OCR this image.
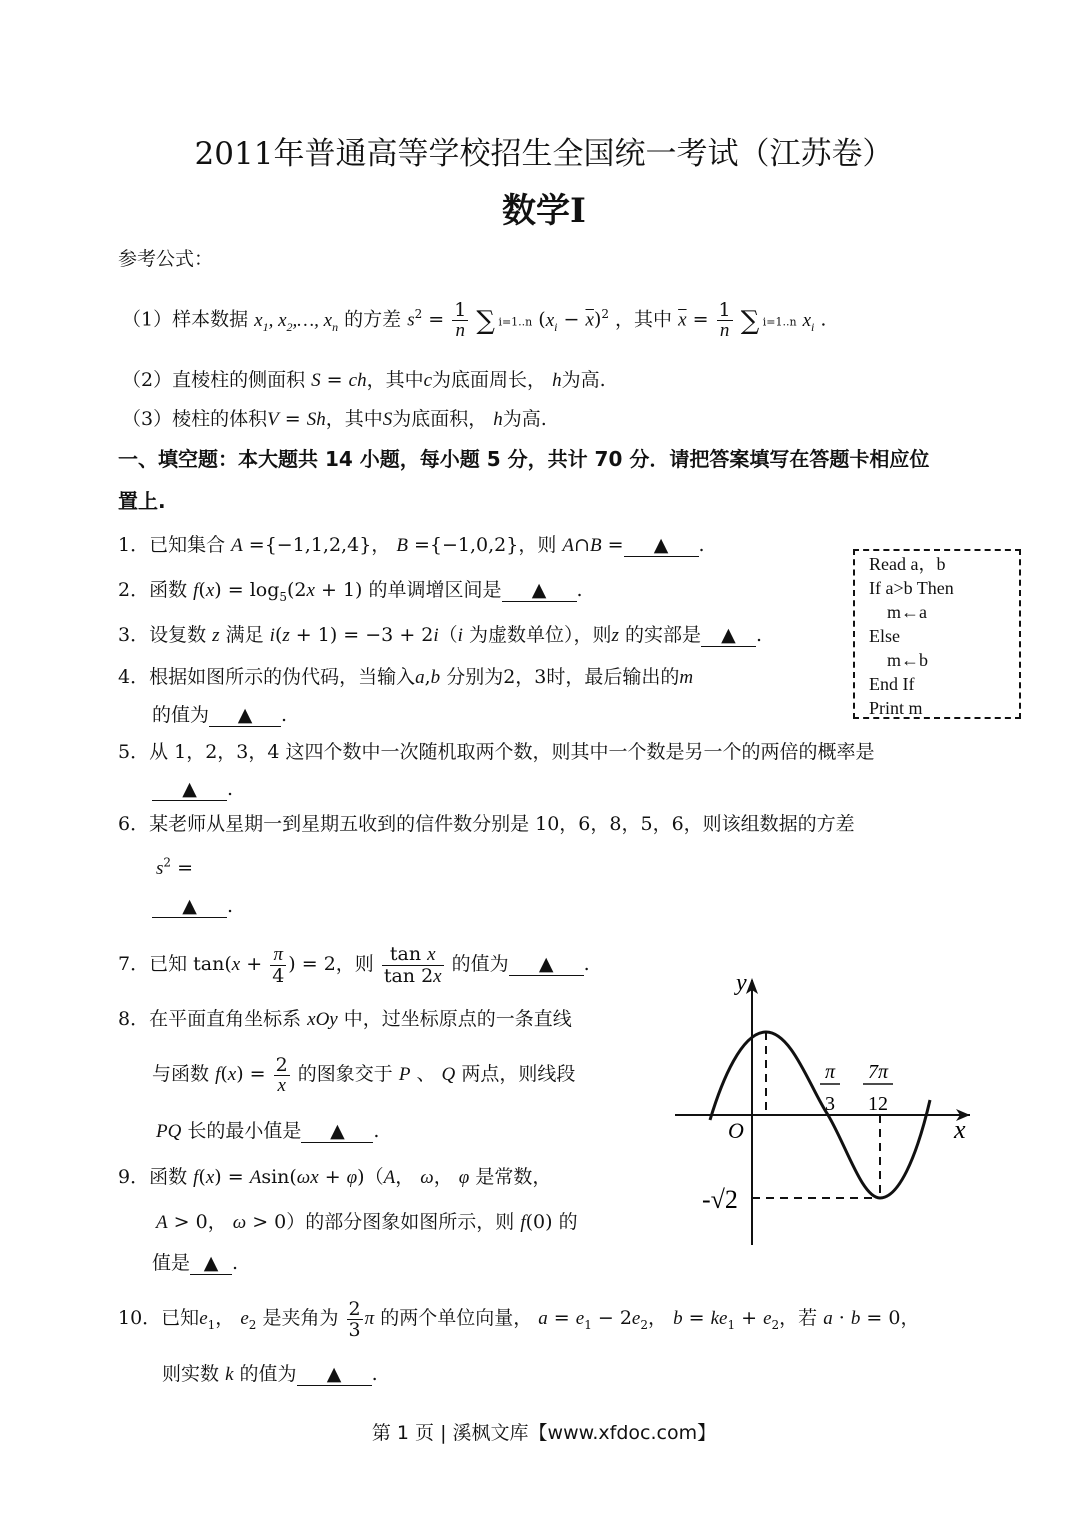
2011年普通高等学校招生全国统一考试（江苏卷）
数学Ⅰ
参考公式：
（1）样本数据 $x_1$, $x_2,\dots$, $x_n$ 的方差 $s^2 = \frac{1}{n}$ ∑ i=1..n $(x_i - \overline{x})^2$ ，其中 $\overline{x} = \frac{1}{n}$ ∑ i=1..n $x_i$ .
（2）直棱柱的侧面积 S = ch，其中c为底面周长， h为高.
（3）棱柱的体积V = Sh，其中S为底面积， h为高.
一、填空题：本大题共 14 小题，每小题 5 分，共计 70 分．请把答案填写在答题卡相应位
置上.
1．已知集合 A ={−1,1,2,4}， B ={−1,0,2}，则 A∩B = ▲ .
2．函数 $f(x) = \log_5(2x + 1)$ 的单调增区间是 ▲ .
3．设复数 z 满足 i(z + 1) = −3 + 2i（i 为虚数单位），则z 的实部是 ▲ .
4．根据如图所示的伪代码，当输入a,b 分别为2，3时，最后输出的m
的值为 ▲ .
Read a，b
If a>b Then
m←a
Else
m←b
End If
Print m
5．从 1，2，3，4 这四个数中一次随机取两个数，则其中一个数是另一个的两倍的概率是
▲ .
6．某老师从星期一到星期五收到的信件数分别是 10，6，8，5，6，则该组数据的方差
$s^2$ =
▲ .
7．已知 $\tan(x + \frac{\pi}{4}$ ) = 2，则 $\frac{\text{tan x}}{\tan 2x}$ 的值为 ▲ .
8．在平面直角坐标系 xOy 中，过坐标原点的一条直线
与函数 $f(x) = \frac{2}{x}$ 的图象交于 P 、 Q 两点，则线段
PQ 长的最小值是 ▲ .
9．函数 f(x) = Asin(ωx + φ)（A， ω， φ 是常数，
A > 0， ω > 0）的部分图象如图所示，则 f(0) 的
值是 ▲ .
10．已知$e_1$， $e_2$ 是夹角为 $\frac{2}{3}$ π 的两个单位向量， $a = e_1 - 2e_2$， $b = ke_1 + e_2$，若 a · b = 0，
则实数 k 的值为 ▲ .
y
x
O
π
3
7π
12
-√2
第 1 页 | 溪枫文库【www.xfdoc.com】
